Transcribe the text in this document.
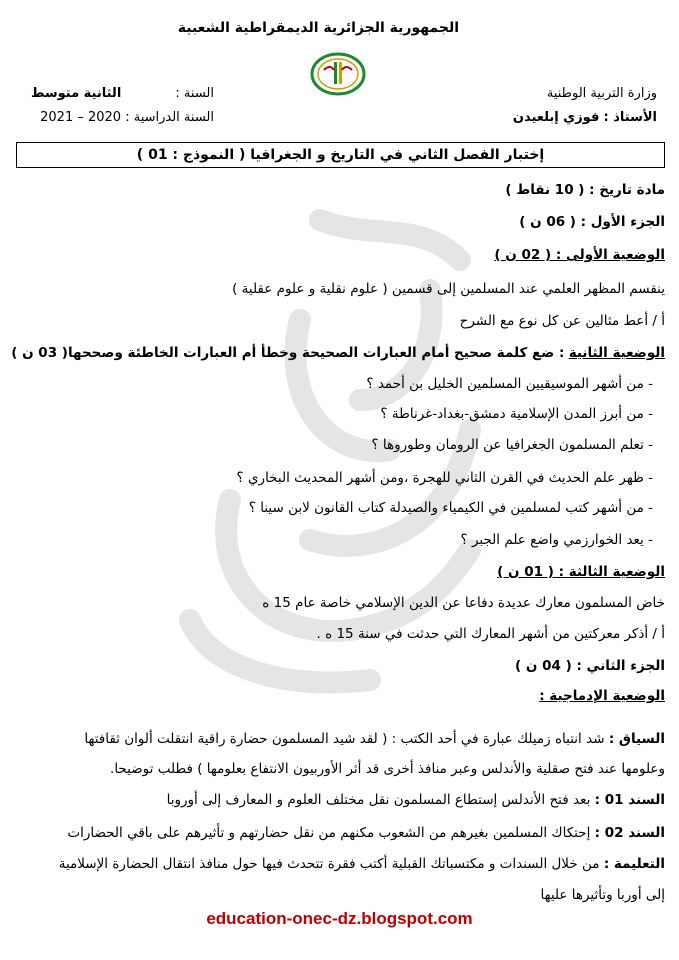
الجمهورية الجزائرية الديمقراطية الشعبية
وزارة التربية الوطنية
الأستاذ : فوزي إبلعيدن
السنة : الثانية متوسط
السنة الدراسية : 2020 – 2021
إختبار الفصل الثاني في التاريخ و الجغرافيا ( النموذج : 01 )
مادة تاريخ : ( 10 نقاط )
الجزء الأول : ( 06 ن )
الوضعية الأولى : ( 02 ن )
ينقسم المظهر العلمي عند المسلمين إلى قسمين ( علوم نقلية و علوم عقلية )
أ / أعط مثالين عن كل نوع مع الشرح
الوضعية الثانية : ضع كلمة صحيح أمام العبارات الصحيحة وخطأ أم العبارات الخاطئة وصححها( 03 ن )
- من أشهر الموسيقيين المسلمين الخليل بن أحمد ؟
- من أبرز المدن الإسلامية دمشق-بغداد-غرناطة ؟
- تعلم المسلمون الجغرافيا عن الرومان وطوروها ؟
- ظهر علم الحديث في القرن الثاني للهجرة ،ومن أشهر المحديث البخاري ؟
- من أشهر كتب لمسلمين في الكيمياء والصيدلة كتاب القانون لابن سينا ؟
- يعد الخوارزمي واضع علم الجبر ؟
الوضعية الثالثة : ( 01 ن )
خاض المسلمون معارك عديدة دفاعا عن الدين الإسلامي خاصة عام 15 ه
أ / أذكر معركتين من أشهر المعارك التي حدثت في سنة 15 ه .
الجزء الثاني : ( 04 ن )
الوضعية الإدماجية :
السياق : شد انتباه زميلك عبارة في أحد الكتب : ( لقد شيد المسلمون حضارة راقية انتقلت ألوان ثقافتها
وعلومها عند فتح صقلية والأندلس وعبر منافذ أخرى قد أثر الأوربيون الانتفاع بعلومها ) فطلب توضيحا.
السند 01 : بعد فتح الأندلس إستطاع المسلمون نقل مختلف العلوم و المعارف إلى أوروبا
السند 02 : إحتكاك المسلمين بغيرهم من الشعوب مكنهم من نقل حضارتهم و تأثيرهم على باقي الحضارات
التعليمة : من خلال السندات و مكتسباتك القبلية أكتب فقرة تتحدث فيها حول منافذ انتقال الحضارة الإسلامية
إلى أوربا وتأثيرها عليها
education-onec-dz.blogspot.com
